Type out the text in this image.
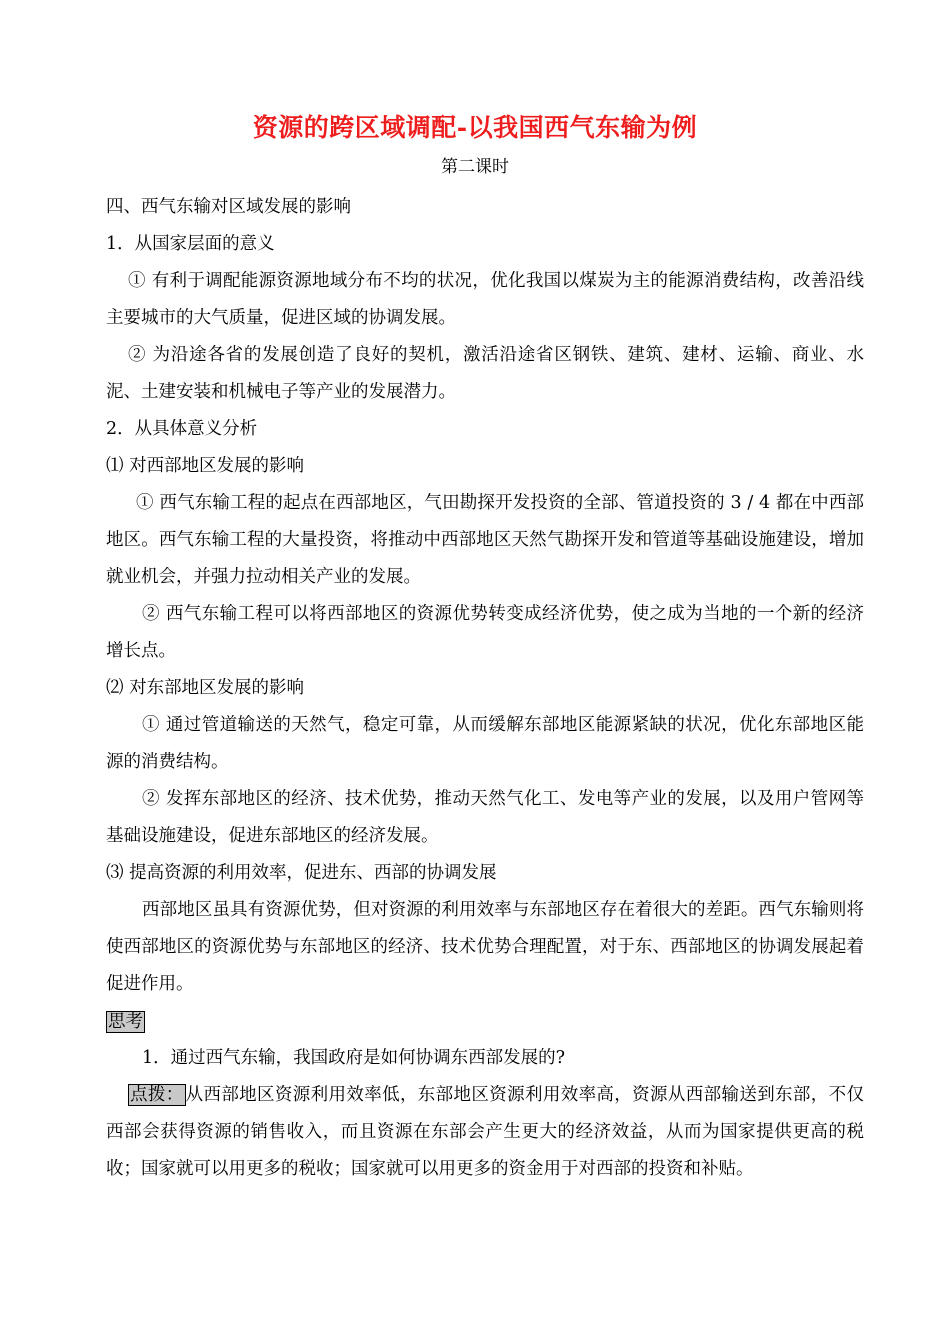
资源的跨区域调配-以我国西气东输为例
第二课时

四、西气东输对区域发展的影响

1．从国家层面的意义

① 有利于调配能源资源地域分布不均的状况，优化我国以煤炭为主的能源消费结构，改善沿线主要城市的大气质量，促进区域的协调发展。

② 为沿途各省的发展创造了良好的契机，激活沿途省区钢铁、建筑、建材、运输、商业、水泥、土建安装和机械电子等产业的发展潜力。

2．从具体意义分析

⑴ 对西部地区发展的影响

① 西气东输工程的起点在西部地区，气田勘探开发投资的全部、管道投资的 3 / 4 都在中西部地区。西气东输工程的大量投资，将推动中西部地区天然气勘探开发和管道等基础设施建设，增加就业机会，并强力拉动相关产业的发展。

② 西气东输工程可以将西部地区的资源优势转变成经济优势，使之成为当地的一个新的经济增长点。

⑵ 对东部地区发展的影响

① 通过管道输送的天然气，稳定可靠，从而缓解东部地区能源紧缺的状况，优化东部地区能源的消费结构。

② 发挥东部地区的经济、技术优势，推动天然气化工、发电等产业的发展，以及用户管网等基础设施建设，促进东部地区的经济发展。

⑶ 提高资源的利用效率，促进东、西部的协调发展

西部地区虽具有资源优势，但对资源的利用效率与东部地区存在着很大的差距。西气东输则将使西部地区的资源优势与东部地区的经济、技术优势合理配置，对于东、西部地区的协调发展起着促进作用。

思考

1．通过西气东输，我国政府是如何协调东西部发展的?

点拨： 从西部地区资源利用效率低，东部地区资源利用效率高，资源从西部输送到东部，不仅西部会获得资源的销售收入，而且资源在东部会产生更大的经济效益，从而为国家提供更高的税收；国家就可以用更多的税收；国家就可以用更多的资金用于对西部的投资和补贴。
